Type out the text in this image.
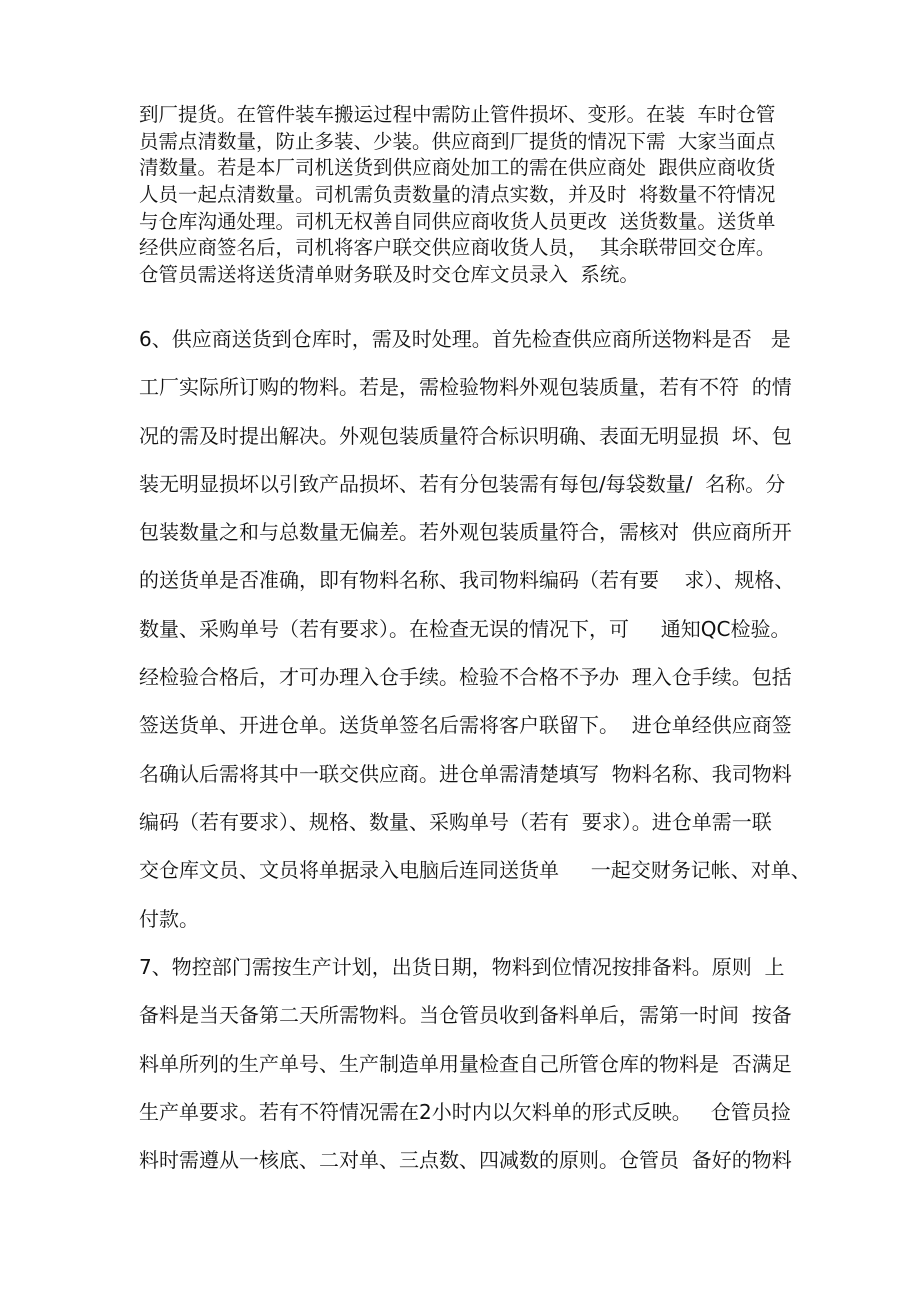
到厂提货。在管件装车搬运过程中需防止管件损坏、变形。在装  车时仓管
员需点清数量，防止多装、少装。供应商到厂提货的情况下需  大家当面点
清数量。若是本厂司机送货到供应商处加工的需在供应商处  跟供应商收货
人员一起点清数量。司机需负责数量的清点实数，并及时  将数量不符情况
与仓库沟通处理。司机无权善自同供应商收货人员更改  送货数量。送货单
经供应商签名后，司机将客户联交供应商收货人员，  其余联带回交仓库。
仓管员需送将送货清单财务联及时交仓库文员录入  系统。
6、供应商送货到仓库时，需及时处理。首先检查供应商所送物料是否   是
工厂实际所订购的物料。若是，需检验物料外观包装质量，若有不符  的情
况的需及时提出解决。外观包装质量符合标识明确、表面无明显损  坏、包
装无明显损坏以引致产品损坏、若有分包装需有每包/每袋数量/  名称。分
包装数量之和与总数量无偏差。若外观包装质量符合，需核对  供应商所开
的送货单是否准确，即有物料名称、我司物料编码（若有要    求）、规格、
数量、采购单号（若有要求）。在检查无误的情况下，可     通知QC检验。
经检验合格后，才可办理入仓手续。检验不合格不予办  理入仓手续。包括
签送货单、开进仓单。送货单签名后需将客户联留下。  进仓单经供应商签
名确认后需将其中一联交供应商。进仓单需清楚填写  物料名称、我司物料
编码（若有要求）、规格、数量、采购单号（若有  要求）。进仓单需一联
交仓库文员、文员将单据录入电脑后连同送货单     一起交财务记帐、对单、
付款。
7、物控部门需按生产计划，出货日期，物料到位情况按排备料。原则  上
备料是当天备第二天所需物料。当仓管员收到备料单后，需第一时间  按备
料单所列的生产单号、生产制造单用量检查自己所管仓库的物料是  否满足
生产单要求。若有不符情况需在2小时内以欠料单的形式反映。   仓管员捡
料时需遵从一核底、二对单、三点数、四减数的原则。仓管员  备好的物料
